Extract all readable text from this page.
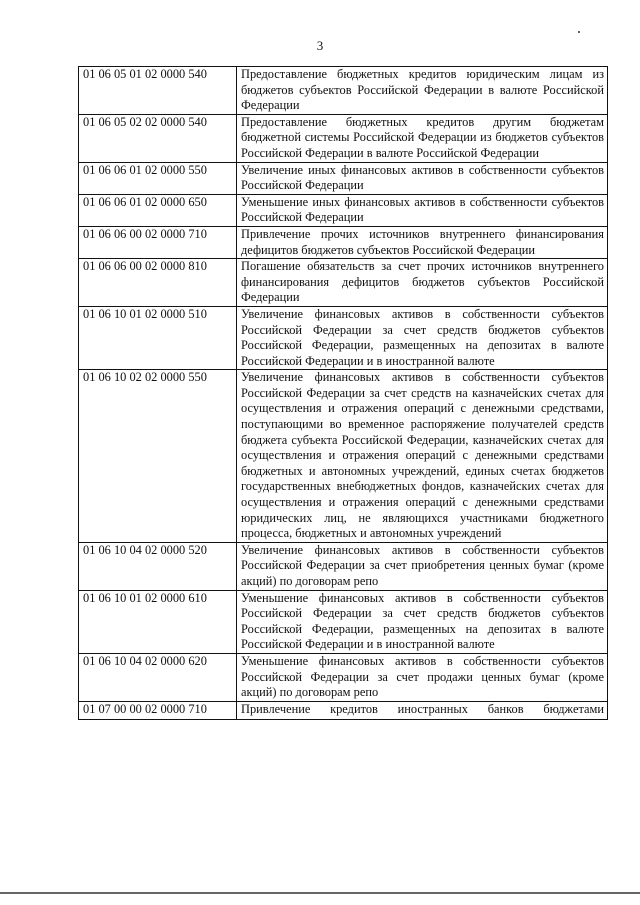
3
01 06 05 01 02 0000 540	Предоставление бюджетных кредитов юридическим лицам из бюджетов субъектов Российской Федерации в валюте Российской Федерации
01 06 05 02 02 0000 540	Предоставление бюджетных кредитов другим бюджетам бюджетной системы Российской Федерации из бюджетов субъектов Российской Федерации в валюте Российской Федерации
01 06 06 01 02 0000 550	Увеличение иных финансовых активов в собственности субъектов Российской Федерации
01 06 06 01 02 0000 650	Уменьшение иных финансовых активов в собственности субъектов Российской Федерации
01 06 06 00 02 0000 710	Привлечение прочих источников внутреннего финансирования дефицитов бюджетов субъектов Российской Федерации
01 06 06 00 02 0000 810	Погашение обязательств за счет прочих источников внутреннего финансирования дефицитов бюджетов субъектов Российской Федерации
01 06 10 01 02 0000 510	Увеличение финансовых активов в собственности субъектов Российской Федерации за счет средств бюджетов субъектов Российской Федерации, размещенных на депозитах в валюте Российской Федерации и в иностранной валюте
01 06 10 02 02 0000 550	Увеличение финансовых активов в собственности субъектов Российской Федерации за счет средств на казначейских счетах для осуществления и отражения операций с денежными средствами, поступающими во временное распоряжение получателей средств бюджета субъекта Российской Федерации, казначейских счетах для осуществления и отражения операций с денежными средствами бюджетных и автономных учреждений, единых счетах бюджетов государственных внебюджетных фондов, казначейских счетах для осуществления и отражения операций с денежными средствами юридических лиц, не являющихся участниками бюджетного процесса, бюджетных и автономных учреждений
01 06 10 04 02 0000 520	Увеличение финансовых активов в собственности субъектов Российской Федерации за счет приобретения ценных бумаг (кроме акций) по договорам репо
01 06 10 01 02 0000 610	Уменьшение финансовых активов в собственности субъектов Российской Федерации за счет средств бюджетов субъектов Российской Федерации, размещенных на депозитах в валюте Российской Федерации и в иностранной валюте
01 06 10 04 02 0000 620	Уменьшение финансовых активов в собственности субъектов Российской Федерации за счет продажи ценных бумаг (кроме акций) по договорам репо
01 07 00 00 02 0000 710	Привлечение кредитов иностранных банков бюджетами
